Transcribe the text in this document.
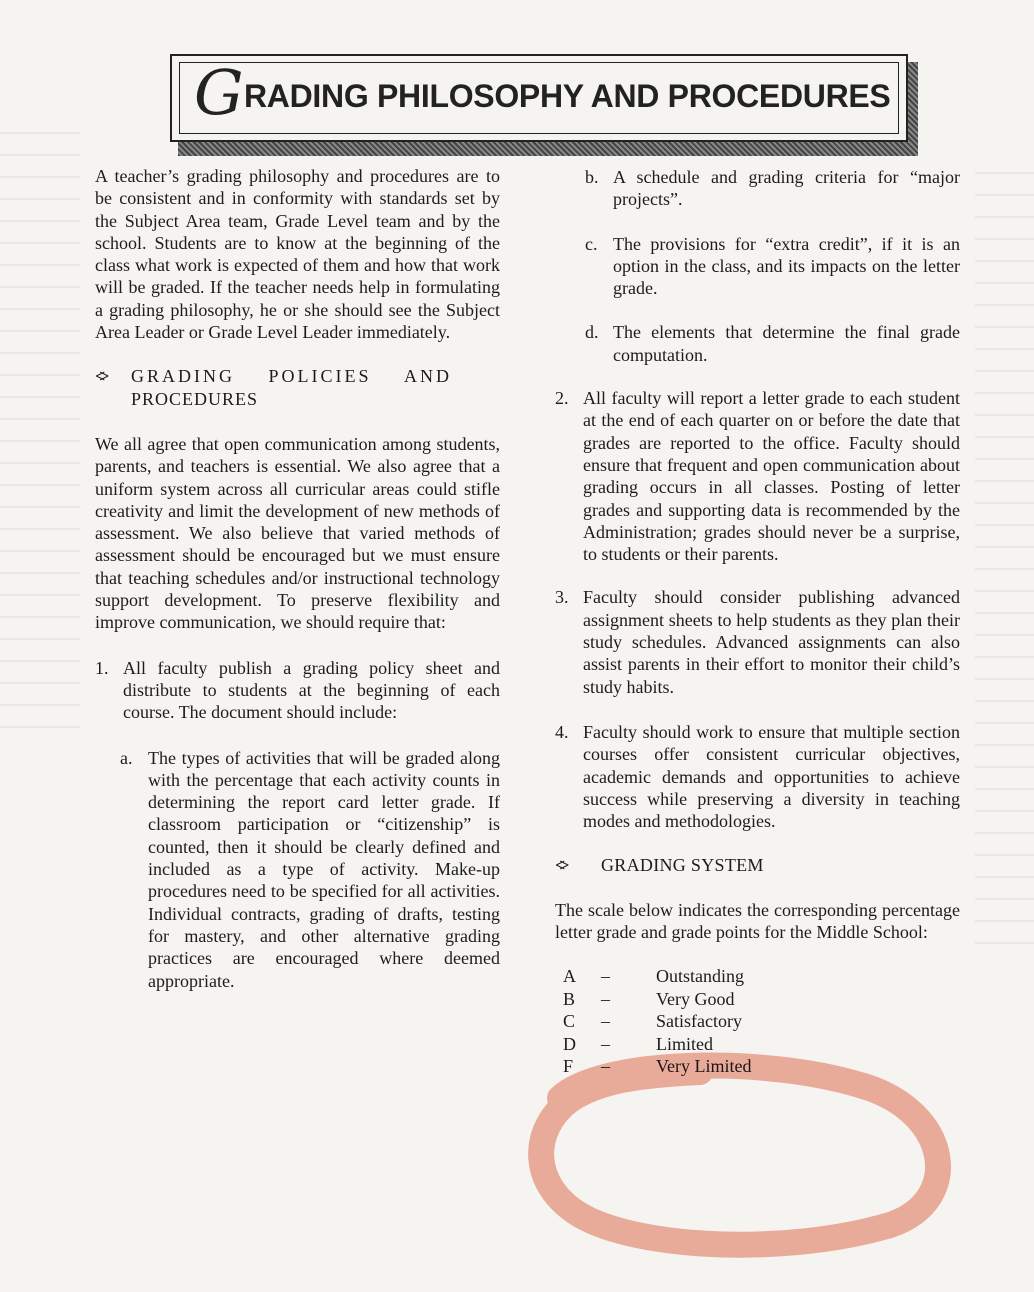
G RADING PHILOSOPHY AND PROCEDURES

A teacher’s grading philosophy and procedures are to be consistent and in conformity with standards set by the Subject Area team, Grade Level team and by the school. Students are to know at the beginning of the class what work is expected of them and how that work will be graded. If the teacher needs help in formulating a grading philosophy, he or she should see the Subject Area Leader or Grade Level Leader immediately.

<>	GRADING POLICIES AND
PROCEDURES

We all agree that open communication among students, parents, and teachers is essential. We also agree that a uniform system across all curricular areas could stifle creativity and limit the development of new methods of assessment. We also believe that varied methods of assessment should be encouraged but we must ensure that teaching schedules and/or instructional technology support development. To preserve flexibility and improve communication, we should require that:

1. All faculty publish a grading policy sheet and distribute to students at the beginning of each course. The document should include:
a. The types of activities that will be graded along with the percentage that each activity counts in determining the report card letter grade. If classroom participation or “citizenship” is counted, then it should be clearly defined and included as a type of activity. Make-up procedures need to be specified for all activities. Individual contracts, grading of drafts, testing for mastery, and other alternative grading practices are encouraged where deemed appropriate.
b. A schedule and grading criteria for “major projects”.
c. The provisions for “extra credit”, if it is an option in the class, and its impacts on the letter grade.
d. The elements that determine the final grade computation.
2. All faculty will report a letter grade to each student at the end of each quarter on or before the date that grades are reported to the office. Faculty should ensure that frequent and open communication about grading occurs in all classes. Posting of letter grades and supporting data is recommended by the Administration; grades should never be a surprise, to students or their parents.
3. Faculty should consider publishing advanced assignment sheets to help students as they plan their study schedules. Advanced assignments can also assist parents in their effort to monitor their child’s study habits.
4. Faculty should work to ensure that multiple section courses offer consistent curricular objectives, academic demands and opportunities to achieve success while preserving a diversity in teaching modes and methodologies.
<>	GRADING SYSTEM

The scale below indicates the corresponding percentage letter grade and grade points for the Middle School:

A	–	Outstanding
B	–	Very Good
C	–	Satisfactory
D	–	Limited
F	–	Very Limited
